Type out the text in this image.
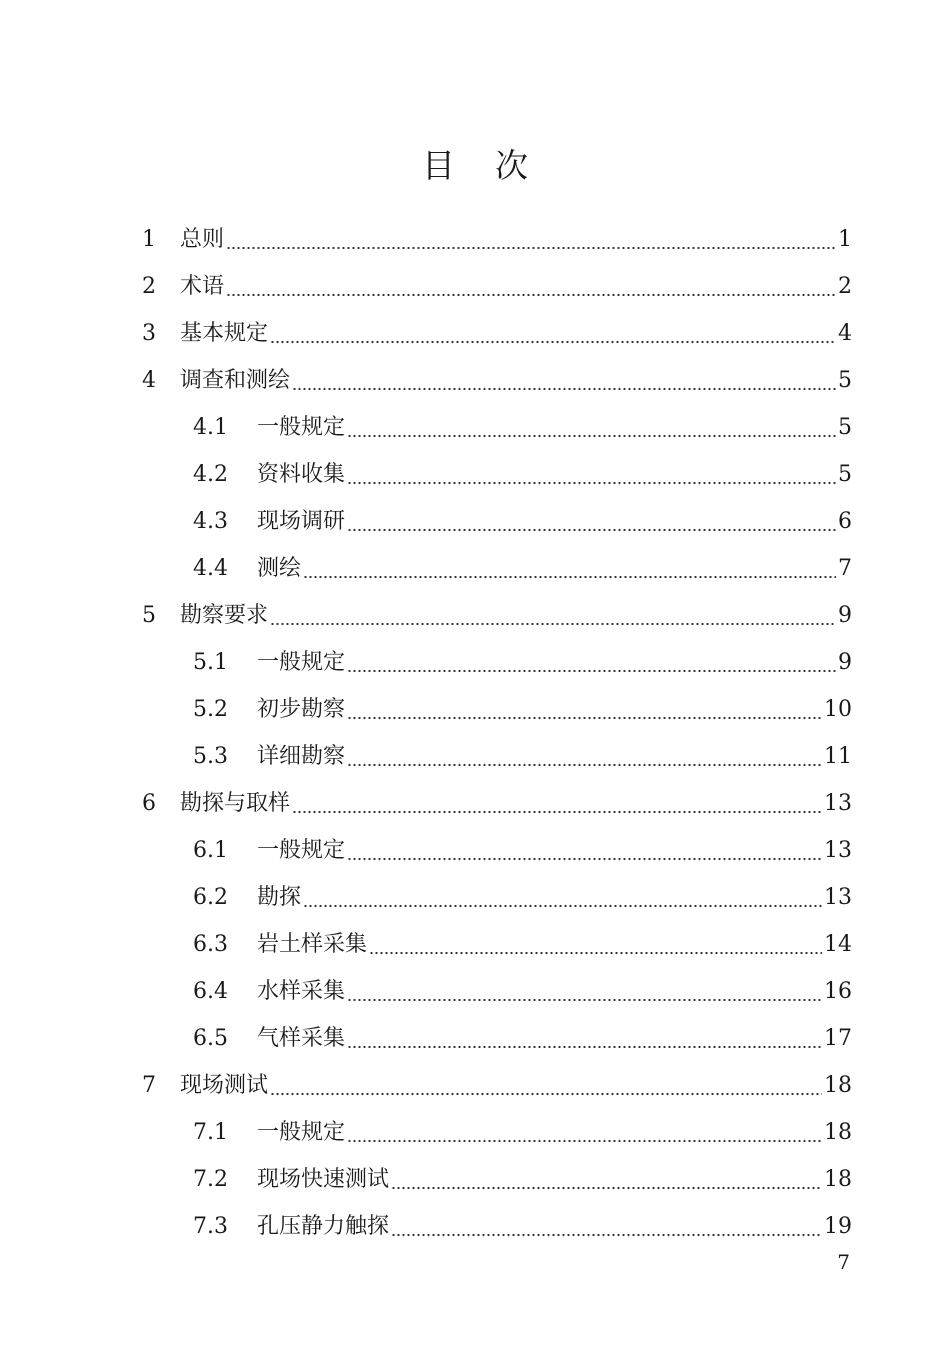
目 次
1	总则	1
2	术语	2
3	基本规定	4
4	调查和测绘	5
4.1	一般规定	5
4.2	资料收集	5
4.3	现场调研	6
4.4	测绘	7
5	勘察要求	9
5.1	一般规定	9
5.2	初步勘察	10
5.3	详细勘察	11
6	勘探与取样	13
6.1	一般规定	13
6.2	勘探	13
6.3	岩土样采集	14
6.4	水样采集	16
6.5	气样采集	17
7	现场测试	18
7.1	一般规定	18
7.2	现场快速测试	18
7.3	孔压静力触探	19
7
